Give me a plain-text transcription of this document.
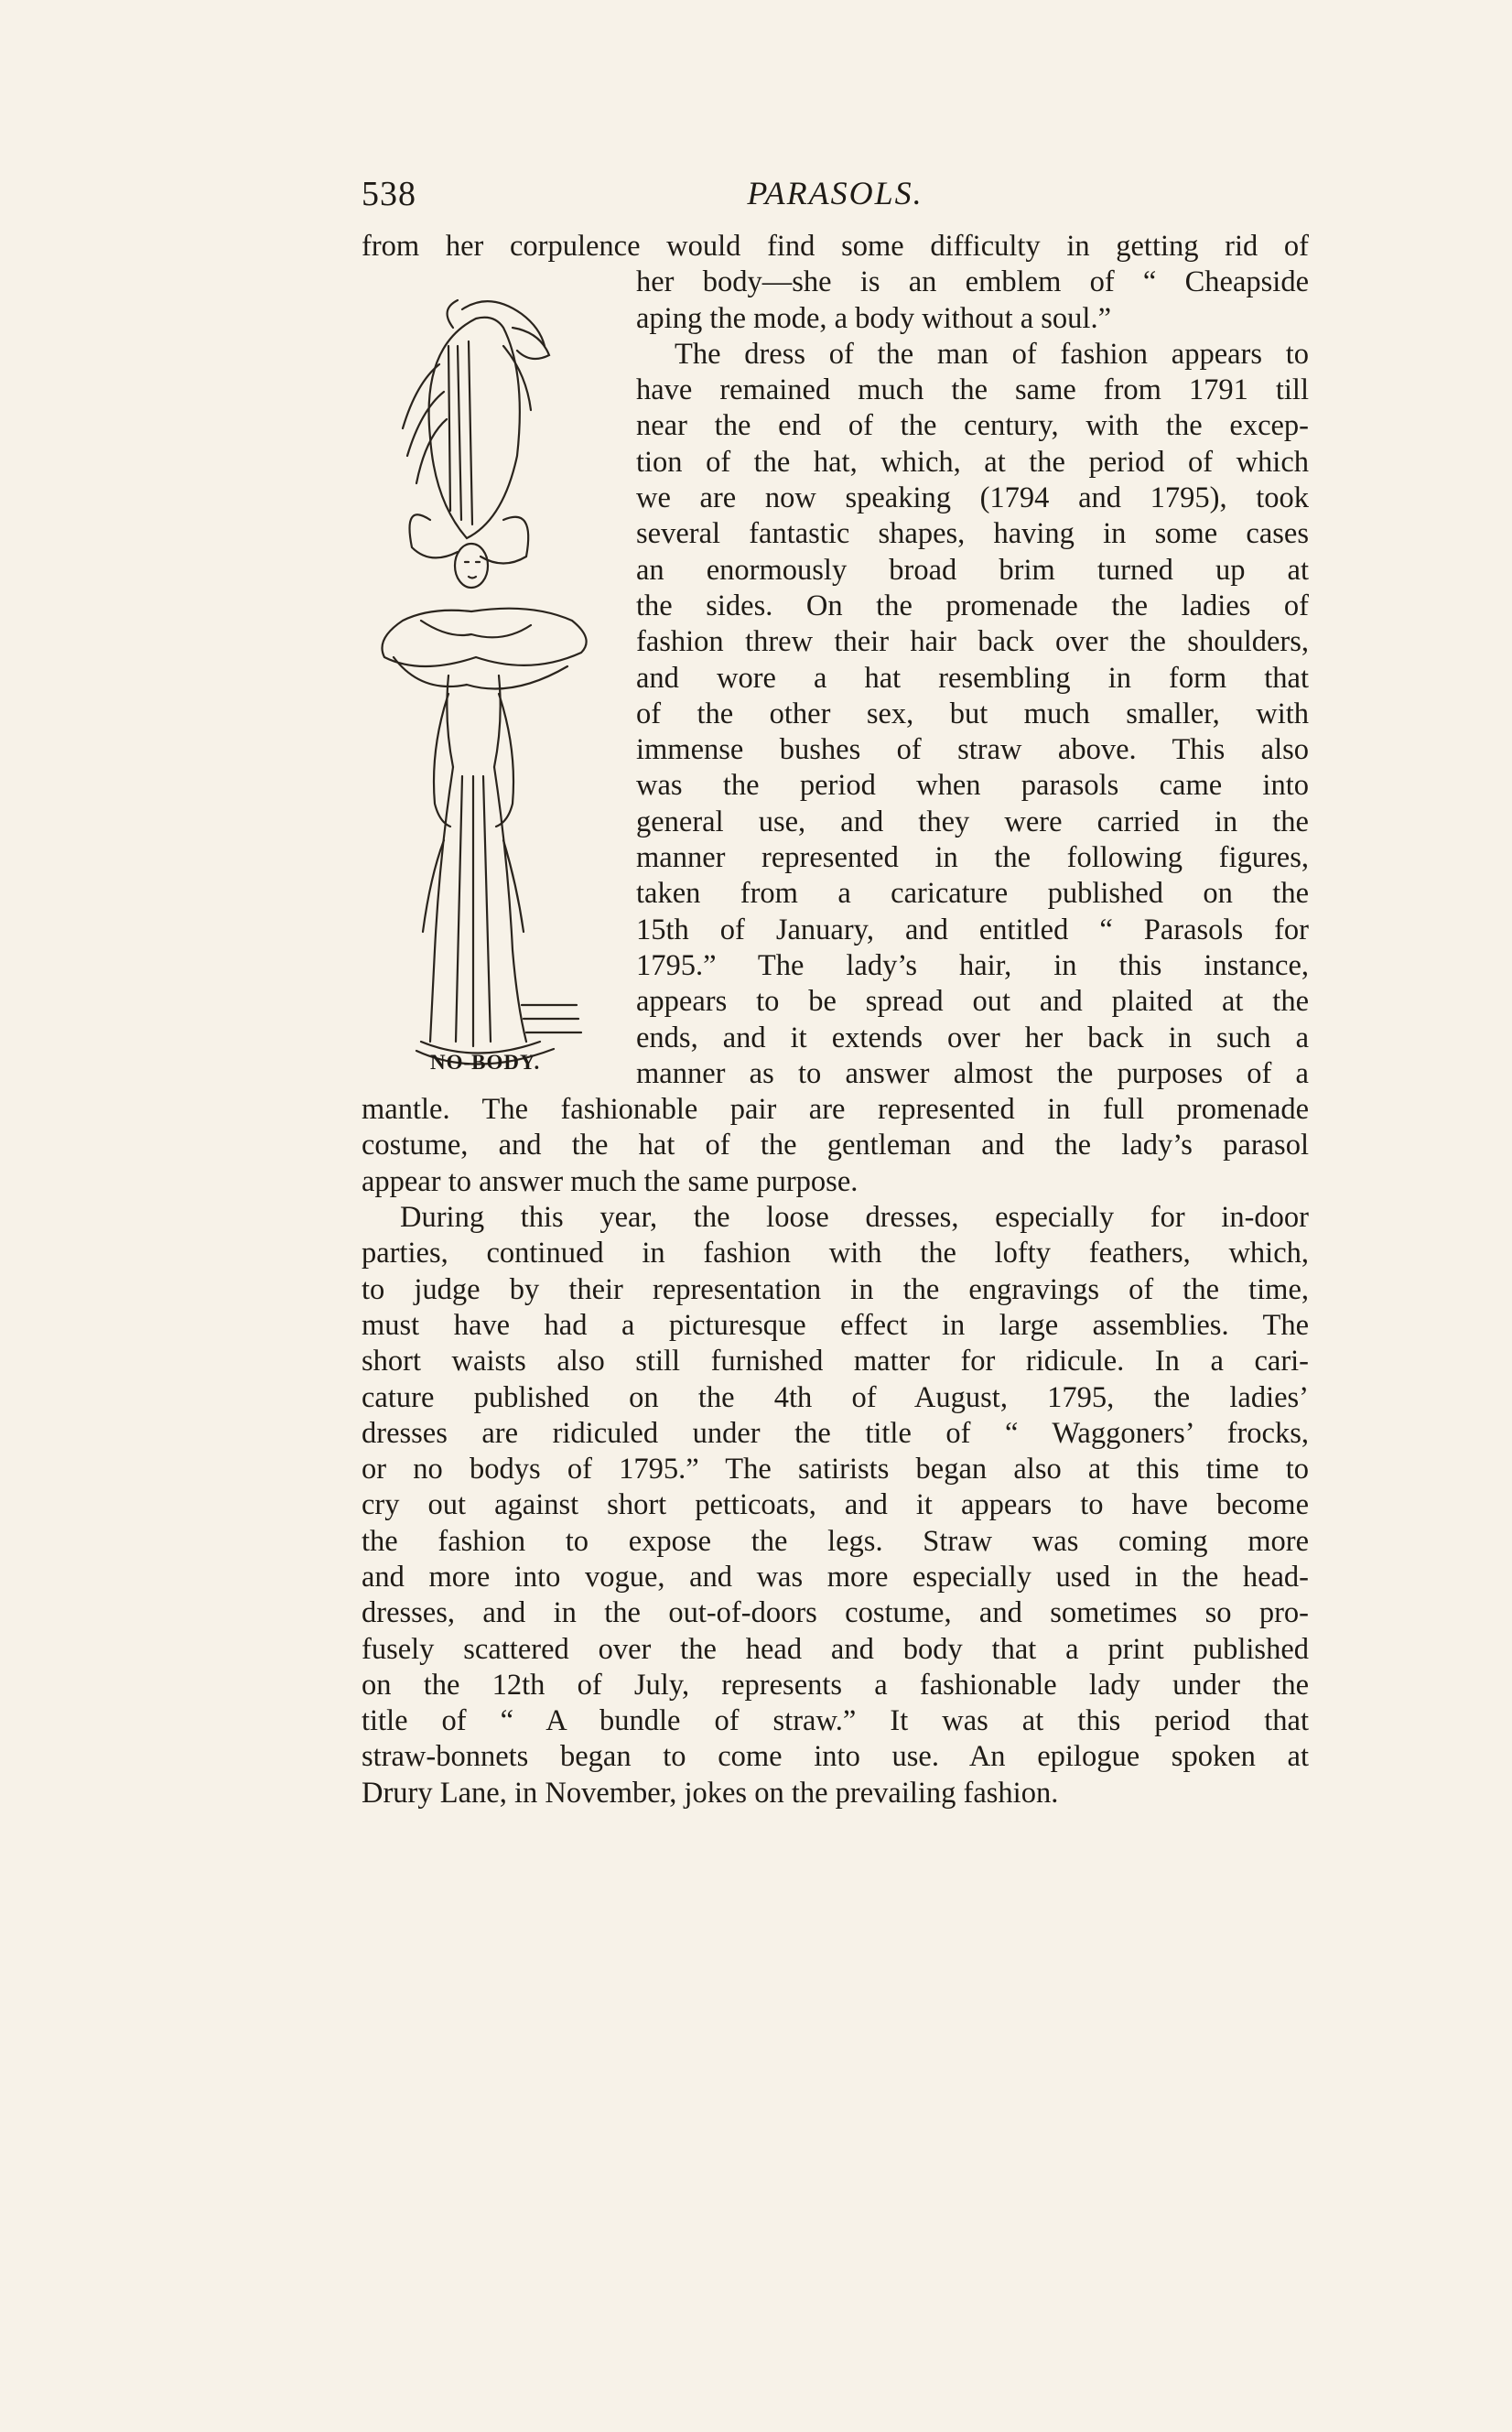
538	PARASOLS.
NO-BODY.
from her corpulence would find some difficulty in getting rid of
her body—she is an emblem of “ Cheapside
aping the mode, a body without a soul.”
The dress of the man of fashion appears to
have remained much the same from 1791 till
near the end of the century, with the excep-
tion of the hat, which, at the period of which
we are now speaking (1794 and 1795), took
several fantastic shapes, having in some cases
an enormously broad brim turned up at
the sides. On the promenade the ladies of
fashion threw their hair back over the shoulders,
and wore a hat resembling in form that
of the other sex, but much smaller, with
immense bushes of straw above. This also
was the period when parasols came into
general use, and they were carried in the
manner represented in the following figures,
taken from a caricature published on the
15th of January, and entitled “ Parasols for
1795.” The lady’s hair, in this instance,
appears to be spread out and plaited at the
ends, and it extends over her back in such a
manner as to answer almost the purposes of a
mantle. The fashionable pair are represented in full promenade
costume, and the hat of the gentleman and the lady’s parasol
appear to answer much the same purpose.
During this year, the loose dresses, especially for in-door
parties, continued in fashion with the lofty feathers, which,
to judge by their representation in the engravings of the time,
must have had a picturesque effect in large assemblies. The
short waists also still furnished matter for ridicule. In a cari-
cature published on the 4th of August, 1795, the ladies’
dresses are ridiculed under the title of “ Waggoners’ frocks,
or no bodys of 1795.” The satirists began also at this time to
cry out against short petticoats, and it appears to have become
the fashion to expose the legs. Straw was coming more
and more into vogue, and was more especially used in the head-
dresses, and in the out-of-doors costume, and sometimes so pro-
fusely scattered over the head and body that a print published
on the 12th of July, represents a fashionable lady under the
title of “ A bundle of straw.” It was at this period that
straw-bonnets began to come into use. An epilogue spoken at
Drury Lane, in November, jokes on the prevailing fashion.
